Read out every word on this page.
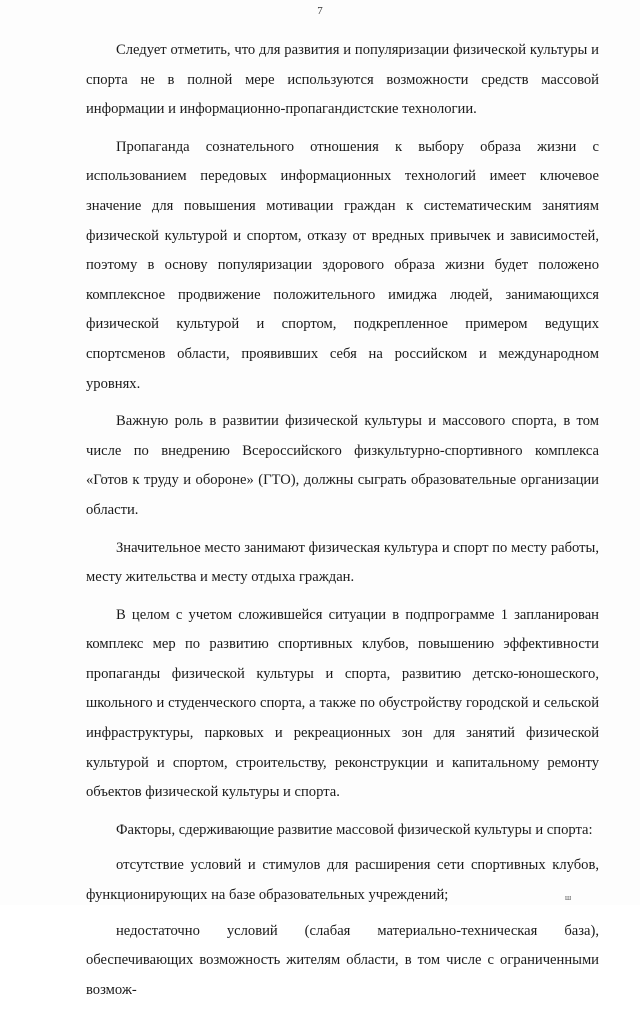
7

Следует отметить, что для развития и популяризации физической культуры и спорта не в полной мере используются возможности средств массовой информации и информационно-пропагандистские технологии.

Пропаганда сознательного отношения к выбору образа жизни с использованием передовых информационных технологий имеет ключевое значение для повышения мотивации граждан к систематическим занятиям физической культурой и спортом, отказу от вредных привычек и зависимостей, поэтому в основу популяризации здорового образа жизни будет положено комплексное продвижение положительного имиджа людей, занимающихся физической культурой и спортом, подкрепленное примером ведущих спортсменов области, проявивших себя на российском и международном уровнях.

Важную роль в развитии физической культуры и массового спорта, в том числе по внедрению Всероссийского физкультурно-спортивного комплекса «Готов к труду и обороне» (ГТО), должны сыграть образовательные организации области.

Значительное место занимают физическая культура и спорт по месту работы, месту жительства и месту отдыха граждан.

В целом с учетом сложившейся ситуации в подпрограмме 1 запланирован комплекс мер по развитию спортивных клубов, повышению эффективности пропаганды физической культуры и спорта, развитию детско-юношеского, школьного и студенческого спорта, а также по обустройству городской и сельской инфраструктуры, парковых и рекреационных зон для занятий физической культурой и спортом, строительству, реконструкции и капитальному ремонту объектов физической культуры и спорта.

Факторы, сдерживающие развитие массовой физической культуры и спорта:

отсутствие условий и стимулов для расширения сети спортивных клубов, функционирующих на базе образовательных учреждений;

недостаточно условий (слабая материально-техническая база), обеспечивающих возможность жителям области, в том числе с ограниченными возмож-

ш
